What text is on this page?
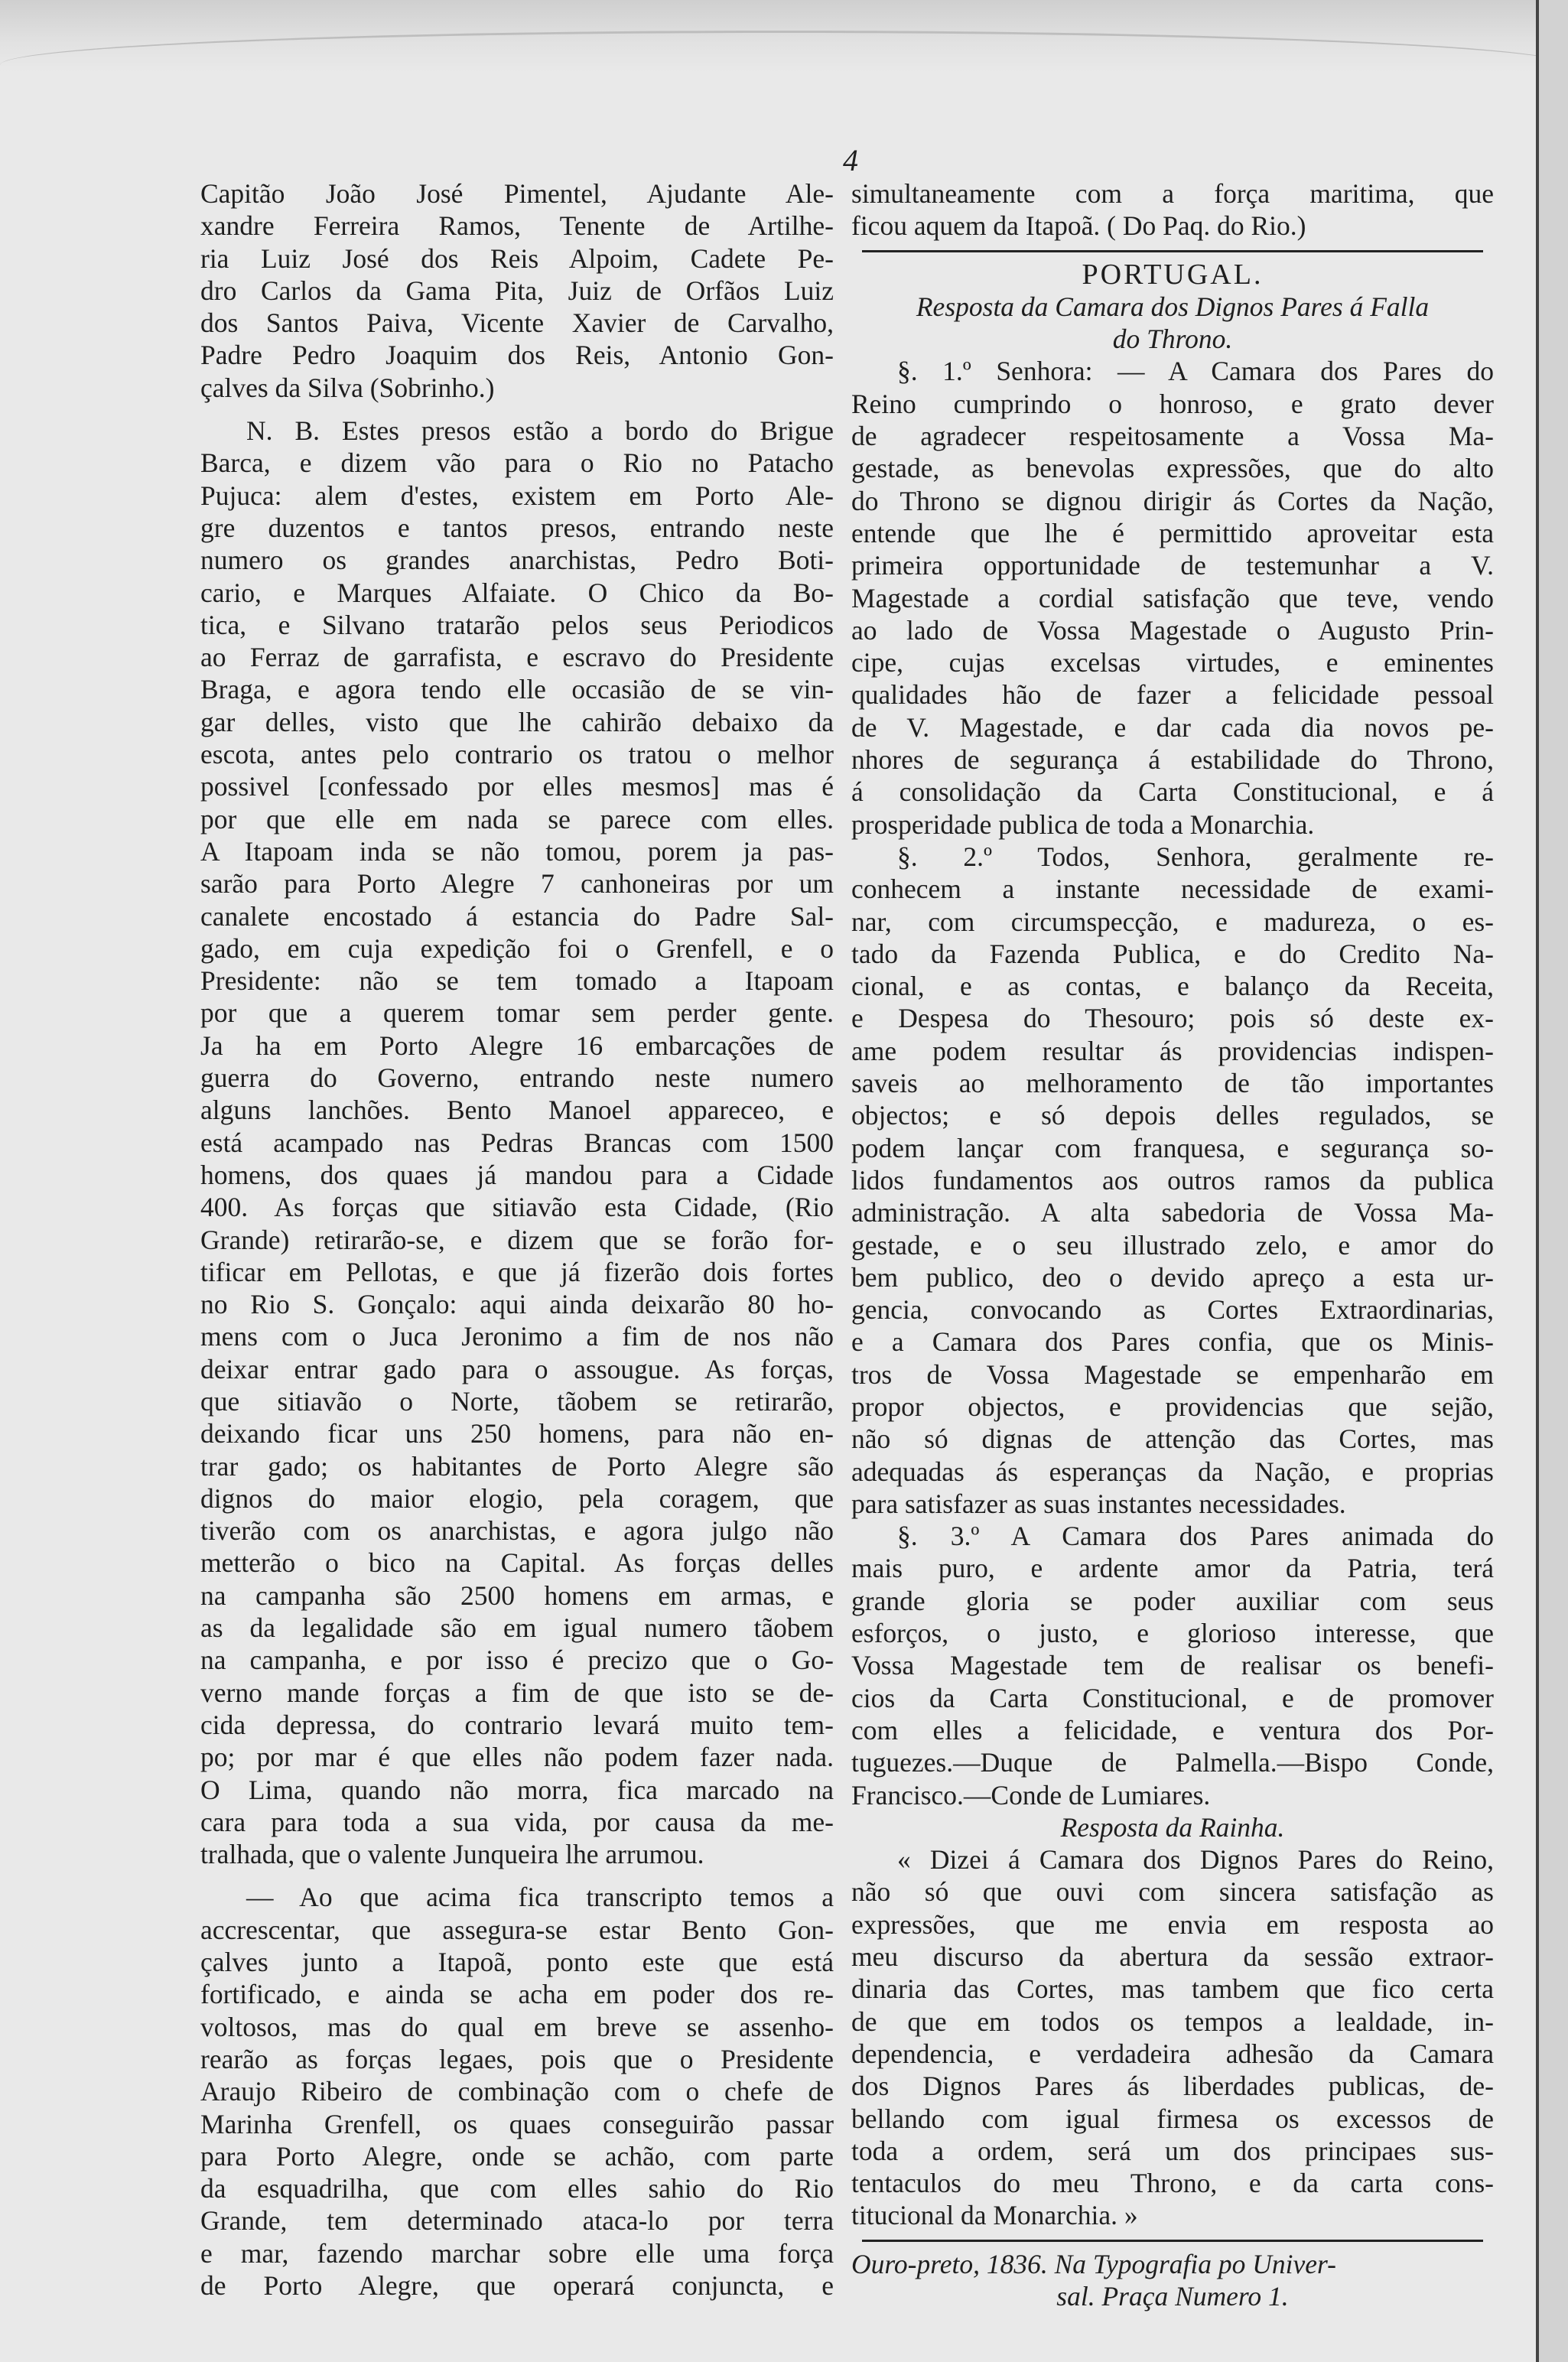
4
Capitão João José Pimentel, Ajudante Ale-
xandre Ferreira Ramos, Tenente de Artilhe-
ria Luiz José dos Reis Alpoim, Cadete Pe-
dro Carlos da Gama Pita, Juiz de Orfãos Luiz
dos Santos Paiva, Vicente Xavier de Carvalho,
Padre Pedro Joaquim dos Reis, Antonio Gon-
çalves da Silva (Sobrinho.)
N. B. Estes presos estão a bordo do Brigue
Barca, e dizem vão para o Rio no Patacho
Pujuca: alem d'estes, existem em Porto Ale-
gre duzentos e tantos presos, entrando neste
numero os grandes anarchistas, Pedro Boti-
cario, e Marques Alfaiate. O Chico da Bo-
tica, e Silvano tratarão pelos seus Periodicos
ao Ferraz de garrafista, e escravo do Presidente
Braga, e agora tendo elle occasião de se vin-
gar delles, visto que lhe cahirão debaixo da
escota, antes pelo contrario os tratou o melhor
possivel [confessado por elles mesmos] mas é
por que elle em nada se parece com elles.
A Itapoam inda se não tomou, porem ja pas-
sarão para Porto Alegre 7 canhoneiras por um
canalete encostado á estancia do Padre Sal-
gado, em cuja expedição foi o Grenfell, e o
Presidente: não se tem tomado a Itapoam
por que a querem tomar sem perder gente.
Ja ha em Porto Alegre 16 embarcações de
guerra do Governo, entrando neste numero
alguns lanchões. Bento Manoel appareceo, e
está acampado nas Pedras Brancas com 1500
homens, dos quaes já mandou para a Cidade
400. As forças que sitiavão esta Cidade, (Rio
Grande) retirarão-se, e dizem que se forão for-
tificar em Pellotas, e que já fizerão dois fortes
no Rio S. Gonçalo: aqui ainda deixarão 80 ho-
mens com o Juca Jeronimo a fim de nos não
deixar entrar gado para o assougue. As forças,
que sitiavão o Norte, tãobem se retirarão,
deixando ficar uns 250 homens, para não en-
trar gado; os habitantes de Porto Alegre são
dignos do maior elogio, pela coragem, que
tiverão com os anarchistas, e agora julgo não
metterão o bico na Capital. As forças delles
na campanha são 2500 homens em armas, e
as da legalidade são em igual numero tãobem
na campanha, e por isso é precizo que o Go-
verno mande forças a fim de que isto se de-
cida depressa, do contrario levará muito tem-
po; por mar é que elles não podem fazer nada.
O Lima, quando não morra, fica marcado na
cara para toda a sua vida, por causa da me-
tralhada, que o valente Junqueira lhe arrumou.
— Ao que acima fica transcripto temos a
accrescentar, que assegura-se estar Bento Gon-
çalves junto a Itapoã, ponto este que está
fortificado, e ainda se acha em poder dos re-
voltosos, mas do qual em breve se assenho-
rearão as forças legaes, pois que o Presidente
Araujo Ribeiro de combinação com o chefe de
Marinha Grenfell, os quaes conseguirão passar
para Porto Alegre, onde se achão, com parte
da esquadrilha, que com elles sahio do Rio
Grande, tem determinado ataca-lo por terra
e mar, fazendo marchar sobre elle uma força
de Porto Alegre, que operará conjuncta, e
simultaneamente com a força maritima, que
ficou aquem da Itapoã. ( Do Paq. do Rio.)
PORTUGAL.
Resposta da Camara dos Dignos Pares á Falla
do Throno.
§. 1.º Senhora: — A Camara dos Pares do
Reino cumprindo o honroso, e grato dever
de agradecer respeitosamente a Vossa Ma-
gestade, as benevolas expressões, que do alto
do Throno se dignou dirigir ás Cortes da Nação,
entende que lhe é permittido aproveitar esta
primeira opportunidade de testemunhar a V.
Magestade a cordial satisfação que teve, vendo
ao lado de Vossa Magestade o Augusto Prin-
cipe, cujas excelsas virtudes, e eminentes
qualidades hão de fazer a felicidade pessoal
de V. Magestade, e dar cada dia novos pe-
nhores de segurança á estabilidade do Throno,
á consolidação da Carta Constitucional, e á
prosperidade publica de toda a Monarchia.
§. 2.º Todos, Senhora, geralmente re-
conhecem a instante necessidade de exami-
nar, com circumspecção, e madureza, o es-
tado da Fazenda Publica, e do Credito Na-
cional, e as contas, e balanço da Receita,
e Despesa do Thesouro; pois só deste ex-
ame podem resultar ás providencias indispen-
saveis ao melhoramento de tão importantes
objectos; e só depois delles regulados, se
podem lançar com franquesa, e segurança so-
lidos fundamentos aos outros ramos da publica
administração. A alta sabedoria de Vossa Ma-
gestade, e o seu illustrado zelo, e amor do
bem publico, deo o devido apreço a esta ur-
gencia, convocando as Cortes Extraordinarias,
e a Camara dos Pares confia, que os Minis-
tros de Vossa Magestade se empenharão em
propor objectos, e providencias que sejão,
não só dignas de attenção das Cortes, mas
adequadas ás esperanças da Nação, e proprias
para satisfazer as suas instantes necessidades.
§. 3.º A Camara dos Pares animada do
mais puro, e ardente amor da Patria, terá
grande gloria se poder auxiliar com seus
esforços, o justo, e glorioso interesse, que
Vossa Magestade tem de realisar os benefi-
cios da Carta Constitucional, e de promover
com elles a felicidade, e ventura dos Por-
tuguezes.—Duque de Palmella.—Bispo Conde,
Francisco.—Conde de Lumiares.
Resposta da Rainha.
« Dizei á Camara dos Dignos Pares do Reino,
não só que ouvi com sincera satisfação as
expressões, que me envia em resposta ao
meu discurso da abertura da sessão extraor-
dinaria das Cortes, mas tambem que fico certa
de que em todos os tempos a lealdade, in-
dependencia, e verdadeira adhesão da Camara
dos Dignos Pares ás liberdades publicas, de-
bellando com igual firmesa os excessos de
toda a ordem, será um dos principaes sus-
tentaculos do meu Throno, e da carta cons-
titucional da Monarchia. »
Ouro-preto, 1836. Na Typografia po Univer-
sal. Praça Numero 1.
